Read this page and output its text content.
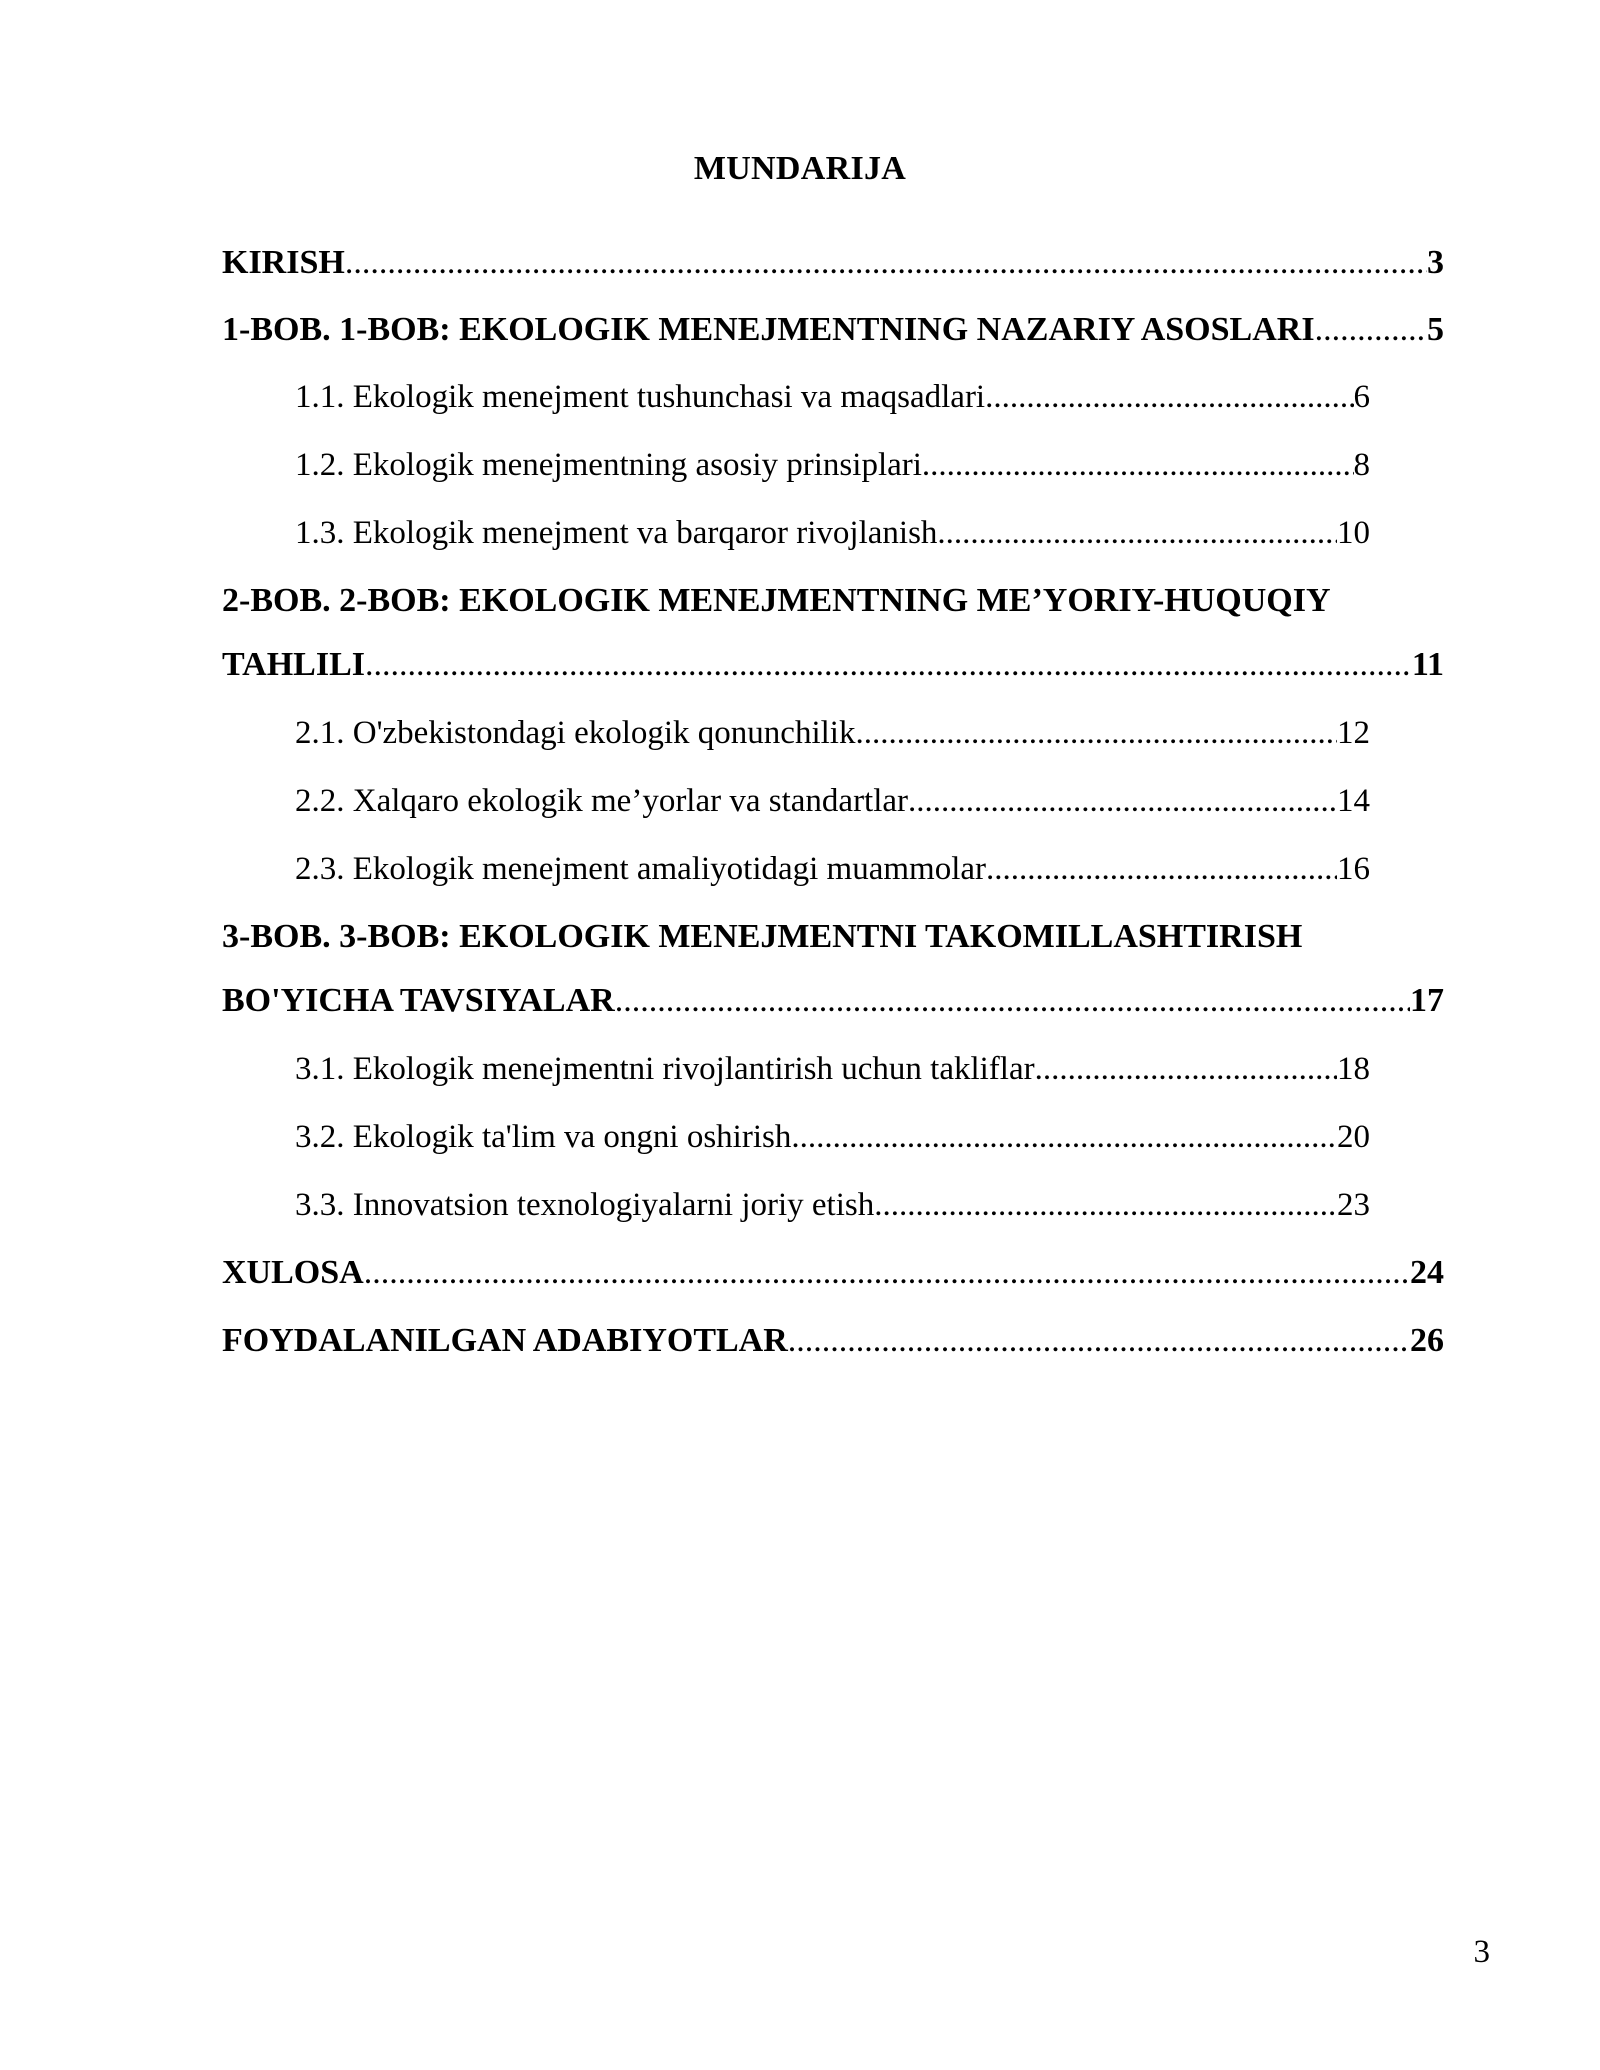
MUNDARIJA
KIRISH .....	3
1-BOB. 1-BOB: EKOLOGIK MENEJMENTNING NAZARIY ASOSLARI .....	5
1.1. Ekologik menejment tushunchasi va maqsadlari .....	6
1.2. Ekologik menejmentning asosiy prinsiplari .....	8
1.3. Ekologik menejment va barqaror rivojlanish .....	10
2-BOB. 2-BOB: EKOLOGIK MENEJMENTNING ME’YORIY-HUQUQIY
TAHLILI .....	11
2.1. O'zbekistondagi ekologik qonunchilik .....	12
2.2. Xalqaro ekologik me’yorlar va standartlar .....	14
2.3. Ekologik menejment amaliyotidagi muammolar .....	16
3-BOB. 3-BOB: EKOLOGIK MENEJMENTNI TAKOMILLASHTIRISH
BO'YICHA TAVSIYALAR .....	17
3.1. Ekologik menejmentni rivojlantirish uchun takliflar .....	18
3.2. Ekologik ta'lim va ongni oshirish .....	20
3.3. Innovatsion texnologiyalarni joriy etish .....	23
XULOSA .....	24
FOYDALANILGAN ADABIYOTLAR .....	26
3
